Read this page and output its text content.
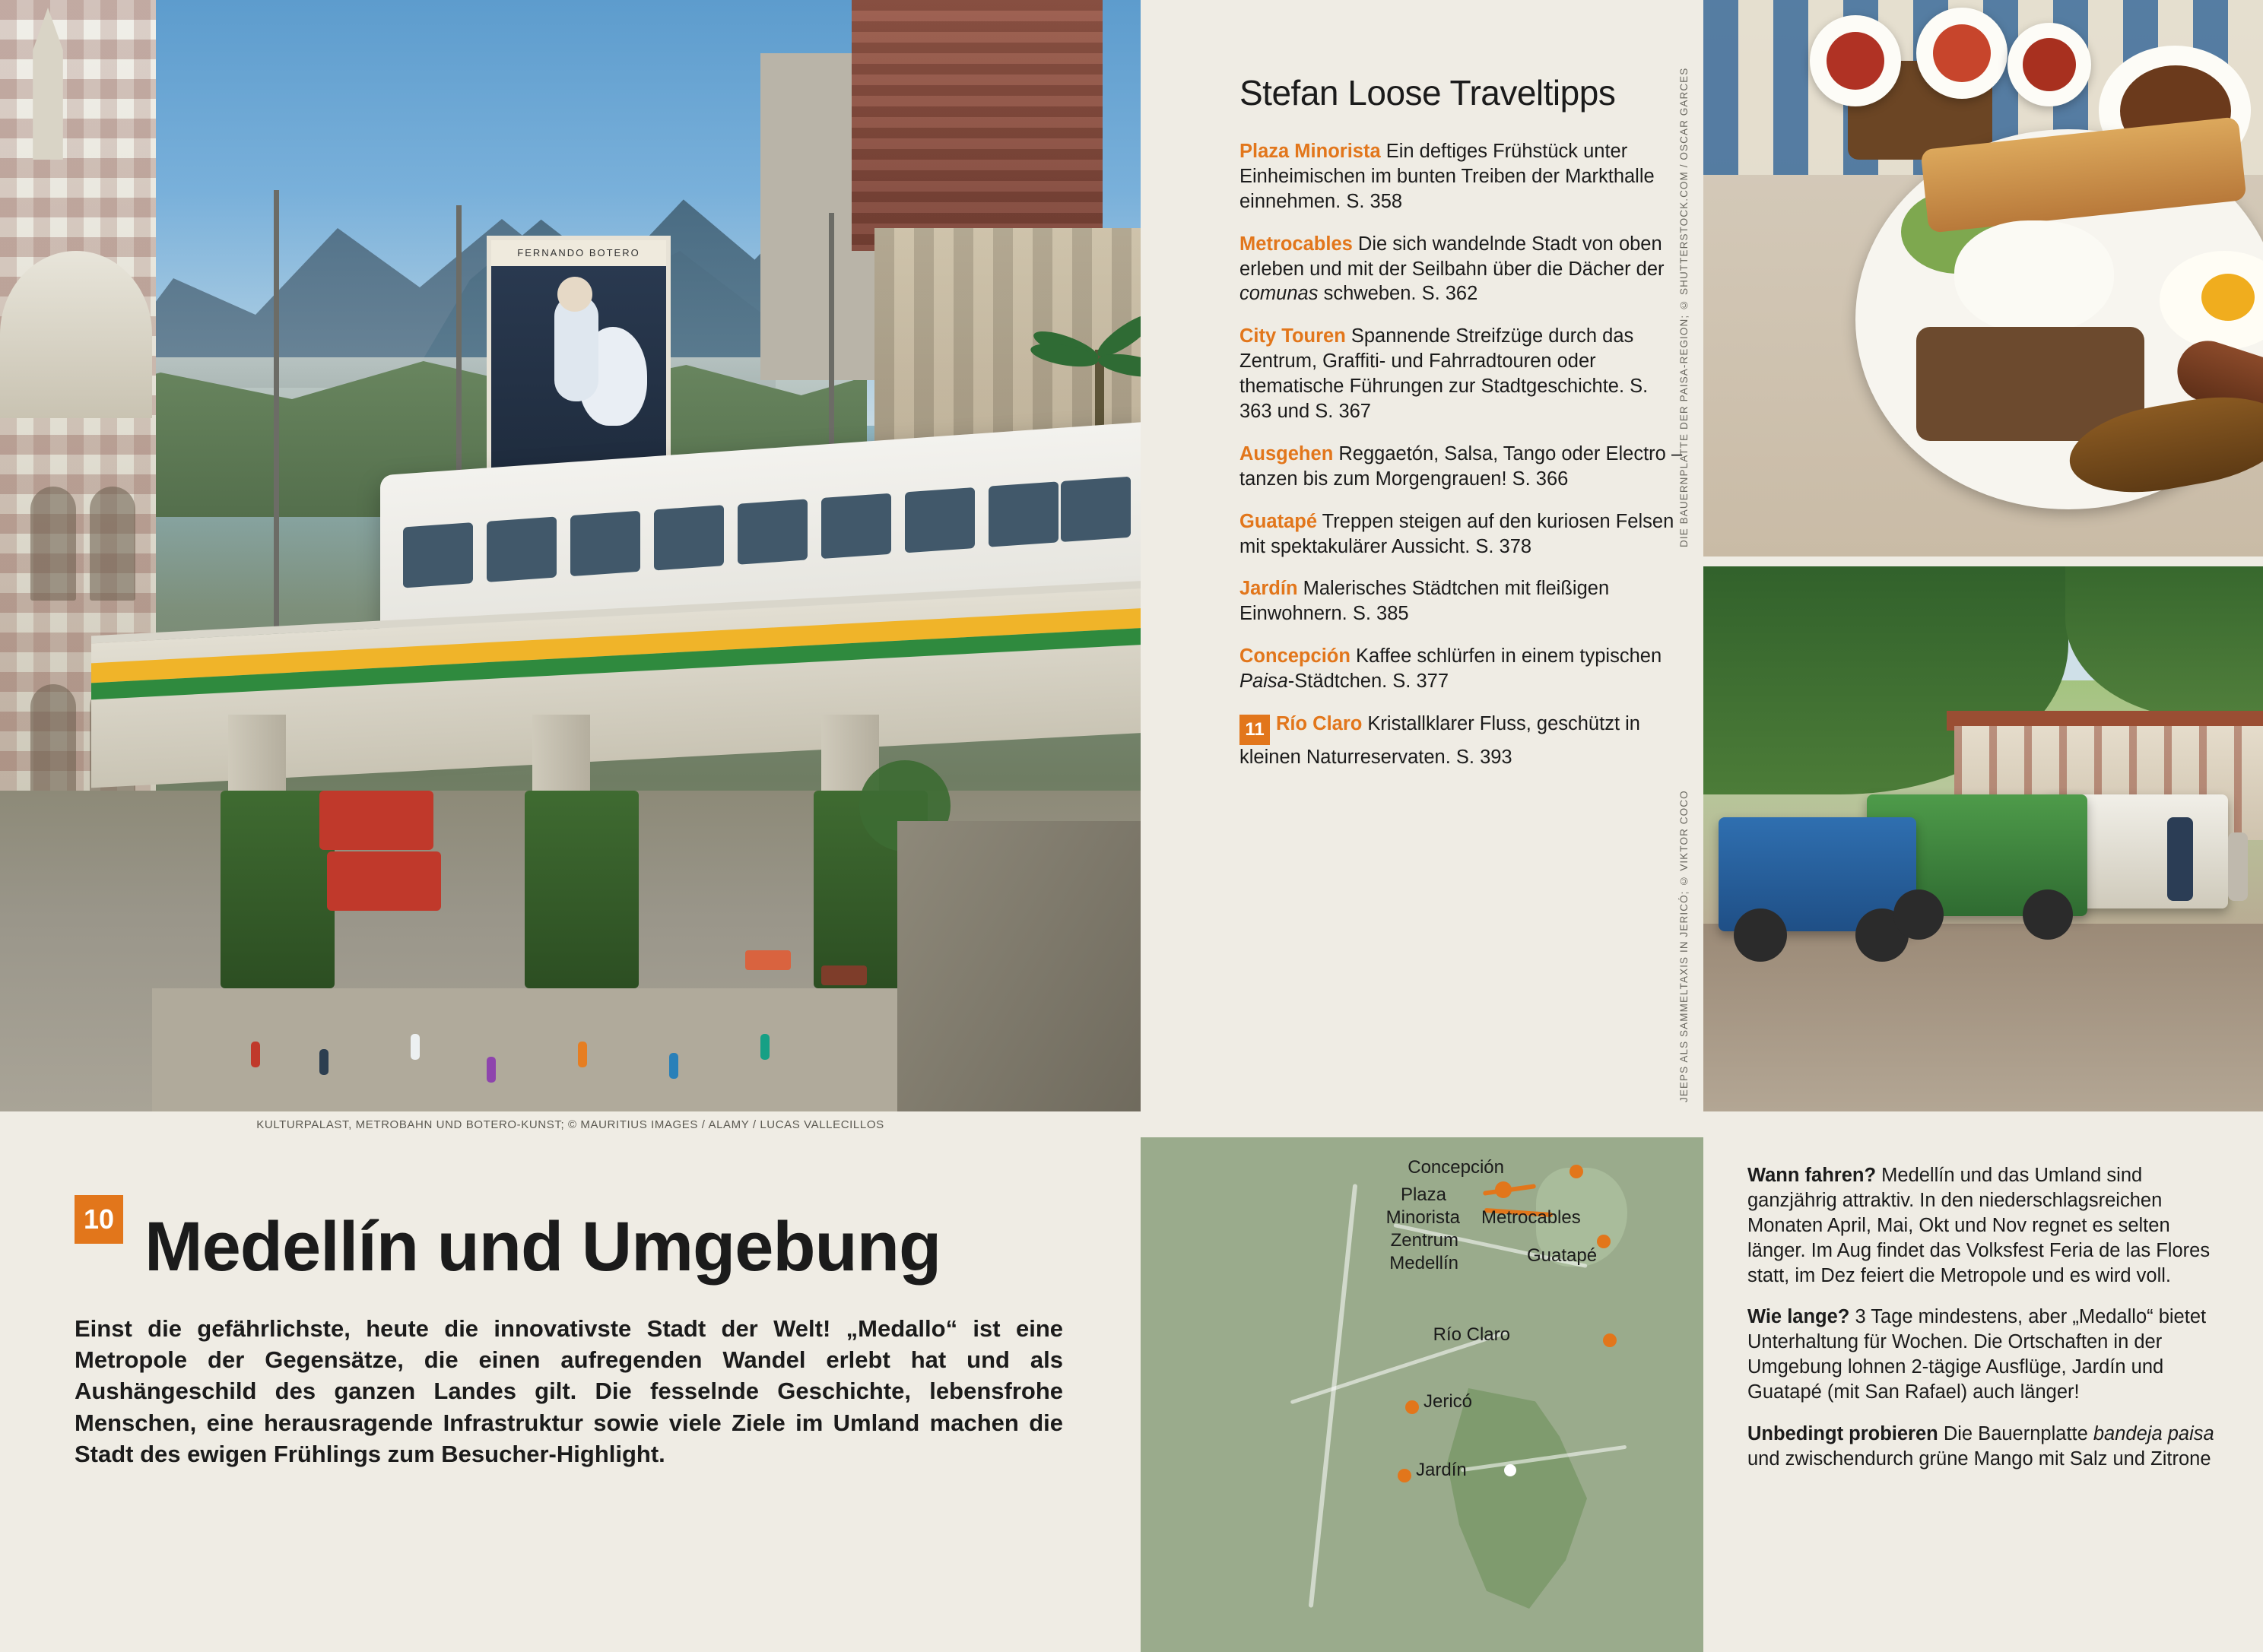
FERNANDO BOTERO
KULTURPALAST, METROBAHN UND BOTERO-KUNST; © MAURITIUS IMAGES / ALAMY / LUCAS VALLECILLOS
Stefan Loose Traveltipps
Plaza Minorista Ein deftiges Frühstück unter Einheimischen im bunten Treiben der Markthalle einnehmen. S. 358
Metrocables Die sich wandelnde Stadt von oben erleben und mit der Seilbahn über die Dächer der comunas schweben. S. 362
City Touren Spannende Streifzüge durch das Zentrum, Graffiti- und Fahrradtouren oder thematische Führungen zur Stadtgeschichte. S. 363 und S. 367
Ausgehen Reggaetón, Salsa, Tango oder Electro – tanzen bis zum Morgengrauen! S. 366
Guatapé Treppen steigen auf den kuriosen Felsen mit spektakulärer Aussicht. S. 378
Jardín Malerisches Städtchen mit fleißigen Einwohnern. S. 385
Concepción Kaffee schlürfen in einem typischen Paisa-Städtchen. S. 377
11 Río Claro Kristallklarer Fluss, geschützt in kleinen Naturreservaten. S. 393
DIE BAUERNPLATTE DER PAISA-REGION; © SHUTTERSTOCK.COM / OSCAR GARCES
JEEPS ALS SAMMELTAXIS IN JERICÓ; © VIKTOR COCO
10 Medellín und Umgebung

Einst die gefährlichste, heute die innovativste Stadt der Welt! „Medallo“ ist eine Metropole der Gegensätze, die einen aufregenden Wandel erlebt hat und als Aushängeschild des ganzen Landes gilt. Die fesselnde Geschichte, lebensfrohe Menschen, eine herausragende Infrastruktur sowie viele Ziele im Umland machen die Stadt des ewigen Frühlings zum Besucher-Highlight.

Concepción
Plaza
Minorista Metrocables
Zentrum
Medellín	Guatapé
Río Claro
Jericó
Jardín
Wann fahren? Medellín und das Umland sind ganzjährig attraktiv. In den niederschlagsreichen Monaten April, Mai, Okt und Nov regnet es selten länger. Im Aug findet das Volksfest Feria de las Flores statt, im Dez feiert die Metropole und es wird voll.
Wie lange? 3 Tage mindestens, aber „Medallo“ bietet Unterhaltung für Wochen. Die Ortschaften in der Umgebung lohnen 2-tägige Ausflüge, Jardín und Guatapé (mit San Rafael) auch länger!
Unbedingt probieren Die Bauernplatte bandeja paisa und zwischendurch grüne Mango mit Salz und Zitrone
